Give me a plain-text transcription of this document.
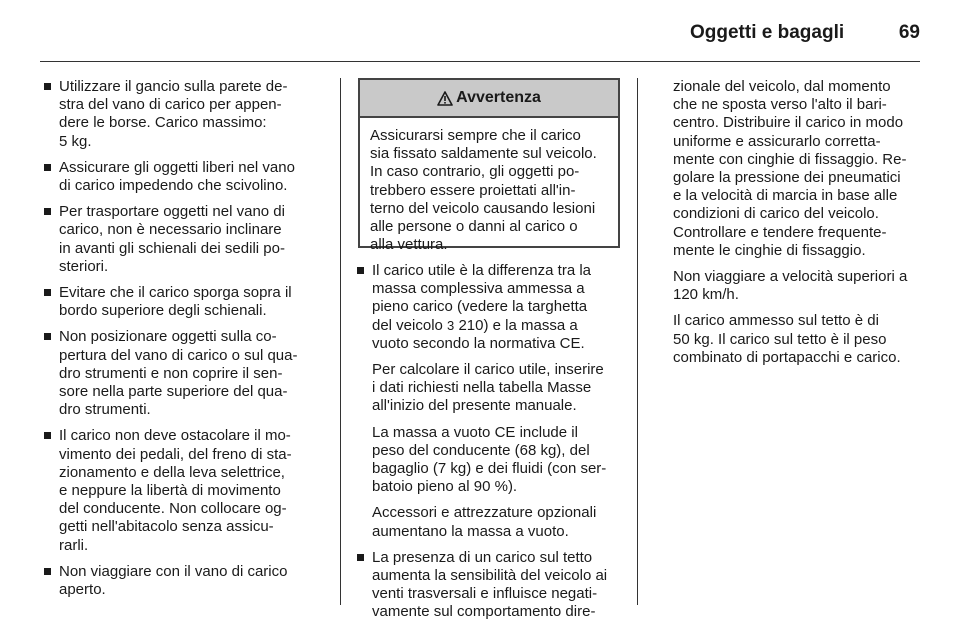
Oggetti e bagagli	69
Utilizzare il gancio sulla parete de-
stra del vano di carico per appen-
dere le borse. Carico massimo:
5 kg.
Assicurare gli oggetti liberi nel vano
di carico impedendo che scivolino.
Per trasportare oggetti nel vano di
carico, non è necessario inclinare
in avanti gli schienali dei sedili po-
steriori.
Evitare che il carico sporga sopra il
bordo superiore degli schienali.
Non posizionare oggetti sulla co-
pertura del vano di carico o sul qua-
dro strumenti e non coprire il sen-
sore nella parte superiore del qua-
dro strumenti.
Il carico non deve ostacolare il mo-
vimento dei pedali, del freno di sta-
zionamento e della leva selettrice,
e neppure la libertà di movimento
del conducente. Non collocare og-
getti nell'abitacolo senza assicu-
rarli.
Non viaggiare con il vano di carico
aperto.
Avvertenza
Assicurarsi sempre che il carico
sia fissato saldamente sul veicolo.
In caso contrario, gli oggetti po-
trebbero essere proiettati all'in-
terno del veicolo causando lesioni
alle persone o danni al carico o
alla vettura.
Il carico utile è la differenza tra la
massa complessiva ammessa a
pieno carico (vedere la targhetta
del veicolo 3 210) e la massa a
vuoto secondo la normativa CE.
Per calcolare il carico utile, inserire
i dati richiesti nella tabella Masse
all'inizio del presente manuale.
La massa a vuoto CE include il
peso del conducente (68 kg), del
bagaglio (7 kg) e dei fluidi (con ser-
batoio pieno al 90 %).
Accessori e attrezzature opzionali
aumentano la massa a vuoto.
La presenza di un carico sul tetto
aumenta la sensibilità del veicolo ai
venti trasversali e influisce negati-
vamente sul comportamento dire-
zionale del veicolo, dal momento
che ne sposta verso l'alto il bari-
centro. Distribuire il carico in modo
uniforme e assicurarlo corretta-
mente con cinghie di fissaggio. Re-
golare la pressione dei pneumatici
e la velocità di marcia in base alle
condizioni di carico del veicolo.
Controllare e tendere frequente-
mente le cinghie di fissaggio.
Non viaggiare a velocità superiori a
120 km/h.
Il carico ammesso sul tetto è di
50 kg. Il carico sul tetto è il peso
combinato di portapacchi e carico.
